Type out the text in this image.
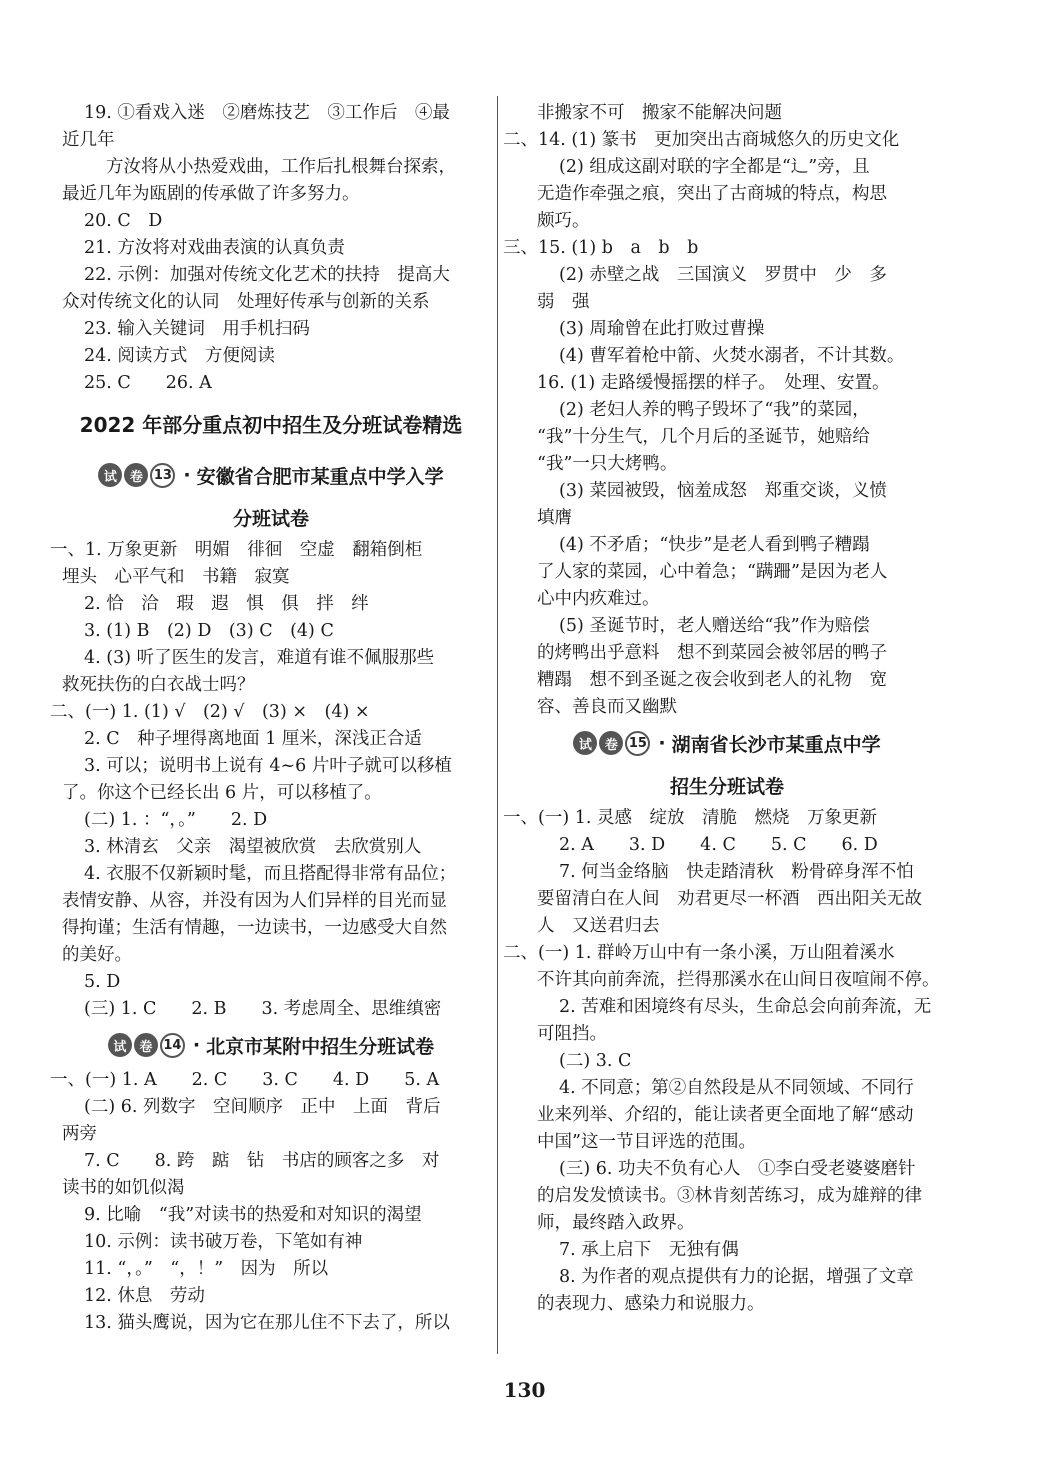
19. ①看戏入迷　②磨炼技艺　③工作后　④最
近几年
方汝将从小热爱戏曲，工作后扎根舞台探索，
最近几年为瓯剧的传承做了许多努力。
20. C　D
21. 方汝将对戏曲表演的认真负责
22. 示例：加强对传统文化艺术的扶持　提高大
众对传统文化的认同　处理好传承与创新的关系
23. 输入关键词　用手机扫码
24. 阅读方式　方便阅读
25. C　　26. A
2022 年部分重点初中招生及分班试卷精选
试 卷 13 · 安徽省合肥市某重点中学入学
分班试卷
一、1. 万象更新　明媚　徘徊　空虚　翻箱倒柜
埋头　心平气和　书籍　寂寞
2. 恰　洽　瑕　遐　惧　俱　拌　绊
3. (1) B　(2) D　(3) C　(4) C
4. (3) 听了医生的发言，难道有谁不佩服那些
救死扶伤的白衣战士吗？
二、(一) 1. (1) √　(2) √　(3) ×　(4) ×
2. C　种子埋得离地面 1 厘米，深浅正合适
3. 可以；说明书上说有 4~6 片叶子就可以移植
了。你这个已经长出 6 片，可以移植了。
(二) 1. ：“，。”　　2. D
3. 林清玄　父亲　渴望被欣赏　去欣赏别人
4. 衣服不仅新颖时髦，而且搭配得非常有品位；
表情安静、从容，并没有因为人们异样的目光而显
得拘谨；生活有情趣，一边读书，一边感受大自然
的美好。
5. D
(三) 1. C　　2. B　　3. 考虑周全、思维缜密
试 卷 14 · 北京市某附中招生分班试卷
一、(一) 1. A　　2. C　　3. C　　4. D　　5. A
(二) 6. 列数字　空间顺序　正中　上面　背后
两旁
7. C　　8. 跨　踮　钻　书店的顾客之多　对
读书的如饥似渴
9. 比喻　“我”对读书的热爱和对知识的渴望
10. 示例：读书破万卷，下笔如有神
11. “，。”　“，！”　因为　所以
12. 休息　劳动
13. 猫头鹰说，因为它在那儿住不下去了，所以
非搬家不可　搬家不能解决问题
二、14. (1) 篆书　更加突出古商城悠久的历史文化
(2) 组成这副对联的字全都是“辶”旁，且
无造作牵强之痕，突出了古商城的特点，构思
颇巧。
三、15. (1) b　a　b　b
(2) 赤壁之战　三国演义　罗贯中　少　多
弱　强
(3) 周瑜曾在此打败过曹操
(4) 曹军着枪中箭、火焚水溺者，不计其数。
16. (1) 走路缓慢摇摆的样子。　处理、安置。
(2) 老妇人养的鸭子毁坏了“我”的菜园，
“我”十分生气，几个月后的圣诞节，她赔给
“我”一只大烤鸭。
(3) 菜园被毁，恼羞成怒　郑重交谈，义愤
填膺
(4) 不矛盾；“快步”是老人看到鸭子糟蹋
了人家的菜园，心中着急；“蹒跚”是因为老人
心中内疚难过。
(5) 圣诞节时，老人赠送给“我”作为赔偿
的烤鸭出乎意料　想不到菜园会被邻居的鸭子
糟蹋　想不到圣诞之夜会收到老人的礼物　宽
容、善良而又幽默
试 卷 15 · 湖南省长沙市某重点中学
招生分班试卷
一、(一) 1. 灵感　绽放　清脆　燃烧　万象更新
2. A　　3. D　　4. C　　5. C　　6. D
7. 何当金络脑　快走踏清秋　粉骨碎身浑不怕
要留清白在人间　劝君更尽一杯酒　西出阳关无故
人　又送君归去
二、(一) 1. 群岭万山中有一条小溪，万山阻着溪水
不许其向前奔流，拦得那溪水在山间日夜喧闹不停。
2. 苦难和困境终有尽头，生命总会向前奔流，无
可阻挡。
(二) 3. C
4. 不同意；第②自然段是从不同领域、不同行
业来列举、介绍的，能让读者更全面地了解“感动
中国”这一节目评选的范围。
(三) 6. 功夫不负有心人　①李白受老婆婆磨针
的启发发愤读书。③林肯刻苦练习，成为雄辩的律
师，最终踏入政界。
7. 承上启下　无独有偶
8. 为作者的观点提供有力的论据，增强了文章
的表现力、感染力和说服力。
130
